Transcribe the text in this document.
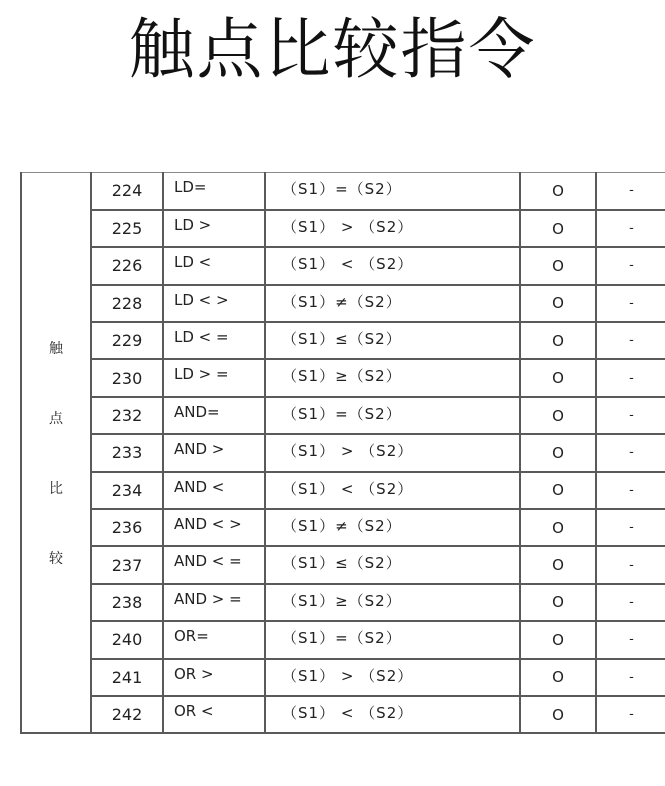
触点比较指令
触
点
比
较	224	LD=	（S1）=（S2）	O	-
	225	LD >	（S1） > （S2）	O	-
	226	LD <	（S1） < （S2）	O	-
	228	LD < >	（S1）≠（S2）	O	-
	229	LD < =	（S1）≤（S2）	O	-
	230	LD > =	（S1）≥（S2）	O	-
	232	AND=	（S1）=（S2）	O	-
	233	AND >	（S1） > （S2）	O	-
	234	AND <	（S1） < （S2）	O	-
	236	AND < >	（S1）≠（S2）	O	-
	237	AND < =	（S1）≤（S2）	O	-
	238	AND > =	（S1）≥（S2）	O	-
	240	OR=	（S1）=（S2）	O	-
	241	OR >	（S1） > （S2）	O	-
	242	OR <	（S1） < （S2）	O	-
